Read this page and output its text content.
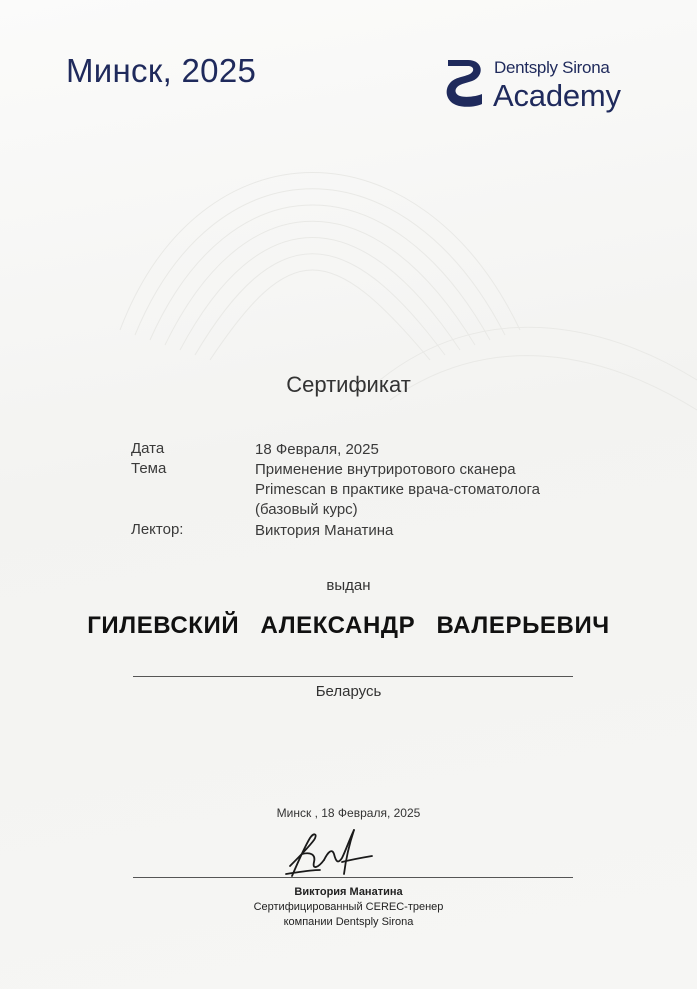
Минск, 2025	Dentsply Sirona
Academy
Сертификат
Дата	18 Февраля, 2025
Тема	Применение внутриротового сканера
Primescan в практике врача-стоматолога
(базовый курс)
Лектор:	Виктория Манатина
выдан
ГИЛЕВСКИЙ АЛЕКСАНДР ВАЛЕРЬЕВИЧ
Беларусь
Минск , 18 Февраля, 2025
Виктория Манатина
Сертифицированный CEREC-тренер
компании Dentsply Sirona
